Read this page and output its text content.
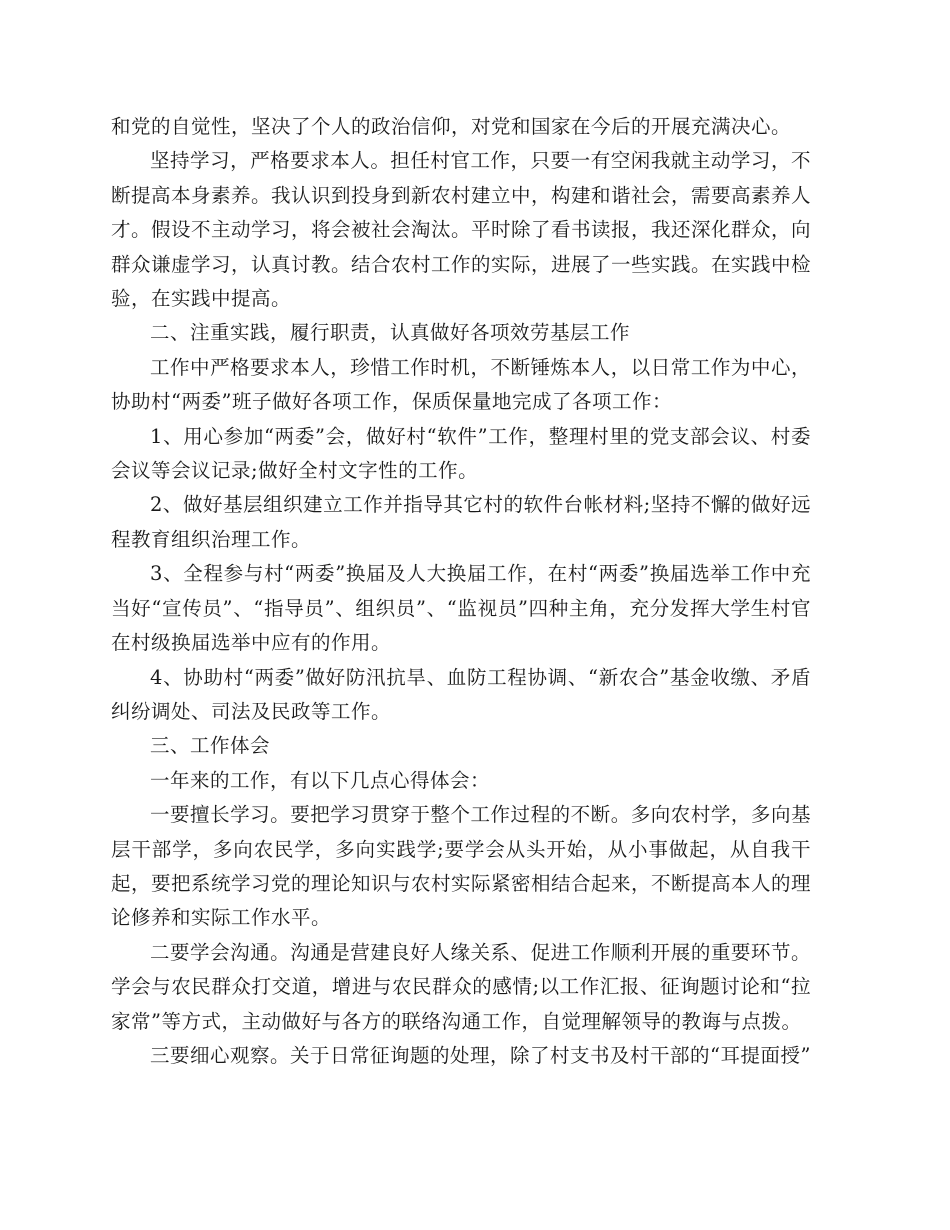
和党的自觉性，坚决了个人的政治信仰，对党和国家在今后的开展充满决心。

坚持学习，严格要求本人。担任村官工作，只要一有空闲我就主动学习，不断提高本身素养。我认识到投身到新农村建立中，构建和谐社会，需要高素养人才。假设不主动学习，将会被社会淘汰。平时除了看书读报，我还深化群众，向群众谦虚学习，认真讨教。结合农村工作的实际，进展了一些实践。在实践中检验，在实践中提高。

二、注重实践，履行职责，认真做好各项效劳基层工作

工作中严格要求本人，珍惜工作时机，不断锤炼本人，以日常工作为中心，协助村“两委”班子做好各项工作，保质保量地完成了各项工作：

1、用心参加“两委”会，做好村“软件”工作，整理村里的党支部会议、村委会议等会议记录;做好全村文字性的工作。

2、做好基层组织建立工作并指导其它村的软件台帐材料;坚持不懈的做好远程教育组织治理工作。

3、全程参与村“两委”换届及人大换届工作，在村“两委”换届选举工作中充当好“宣传员”、“指导员”、组织员”、“监视员”四种主角，充分发挥大学生村官在村级换届选举中应有的作用。

4、协助村“两委”做好防汛抗旱、血防工程协调、“新农合”基金收缴、矛盾纠纷调处、司法及民政等工作。

三、工作体会

一年来的工作，有以下几点心得体会：

一要擅长学习。要把学习贯穿于整个工作过程的不断。多向农村学，多向基层干部学，多向农民学，多向实践学;要学会从头开始，从小事做起，从自我干起，要把系统学习党的理论知识与农村实际紧密相结合起来，不断提高本人的理论修养和实际工作水平。

二要学会沟通。沟通是营建良好人缘关系、促进工作顺利开展的重要环节。学会与农民群众打交道，增进与农民群众的感情;以工作汇报、征询题讨论和“拉家常”等方式，主动做好与各方的联络沟通工作，自觉理解领导的教诲与点拨。

三要细心观察。关于日常征询题的处理，除了村支书及村干部的“耳提面授”
